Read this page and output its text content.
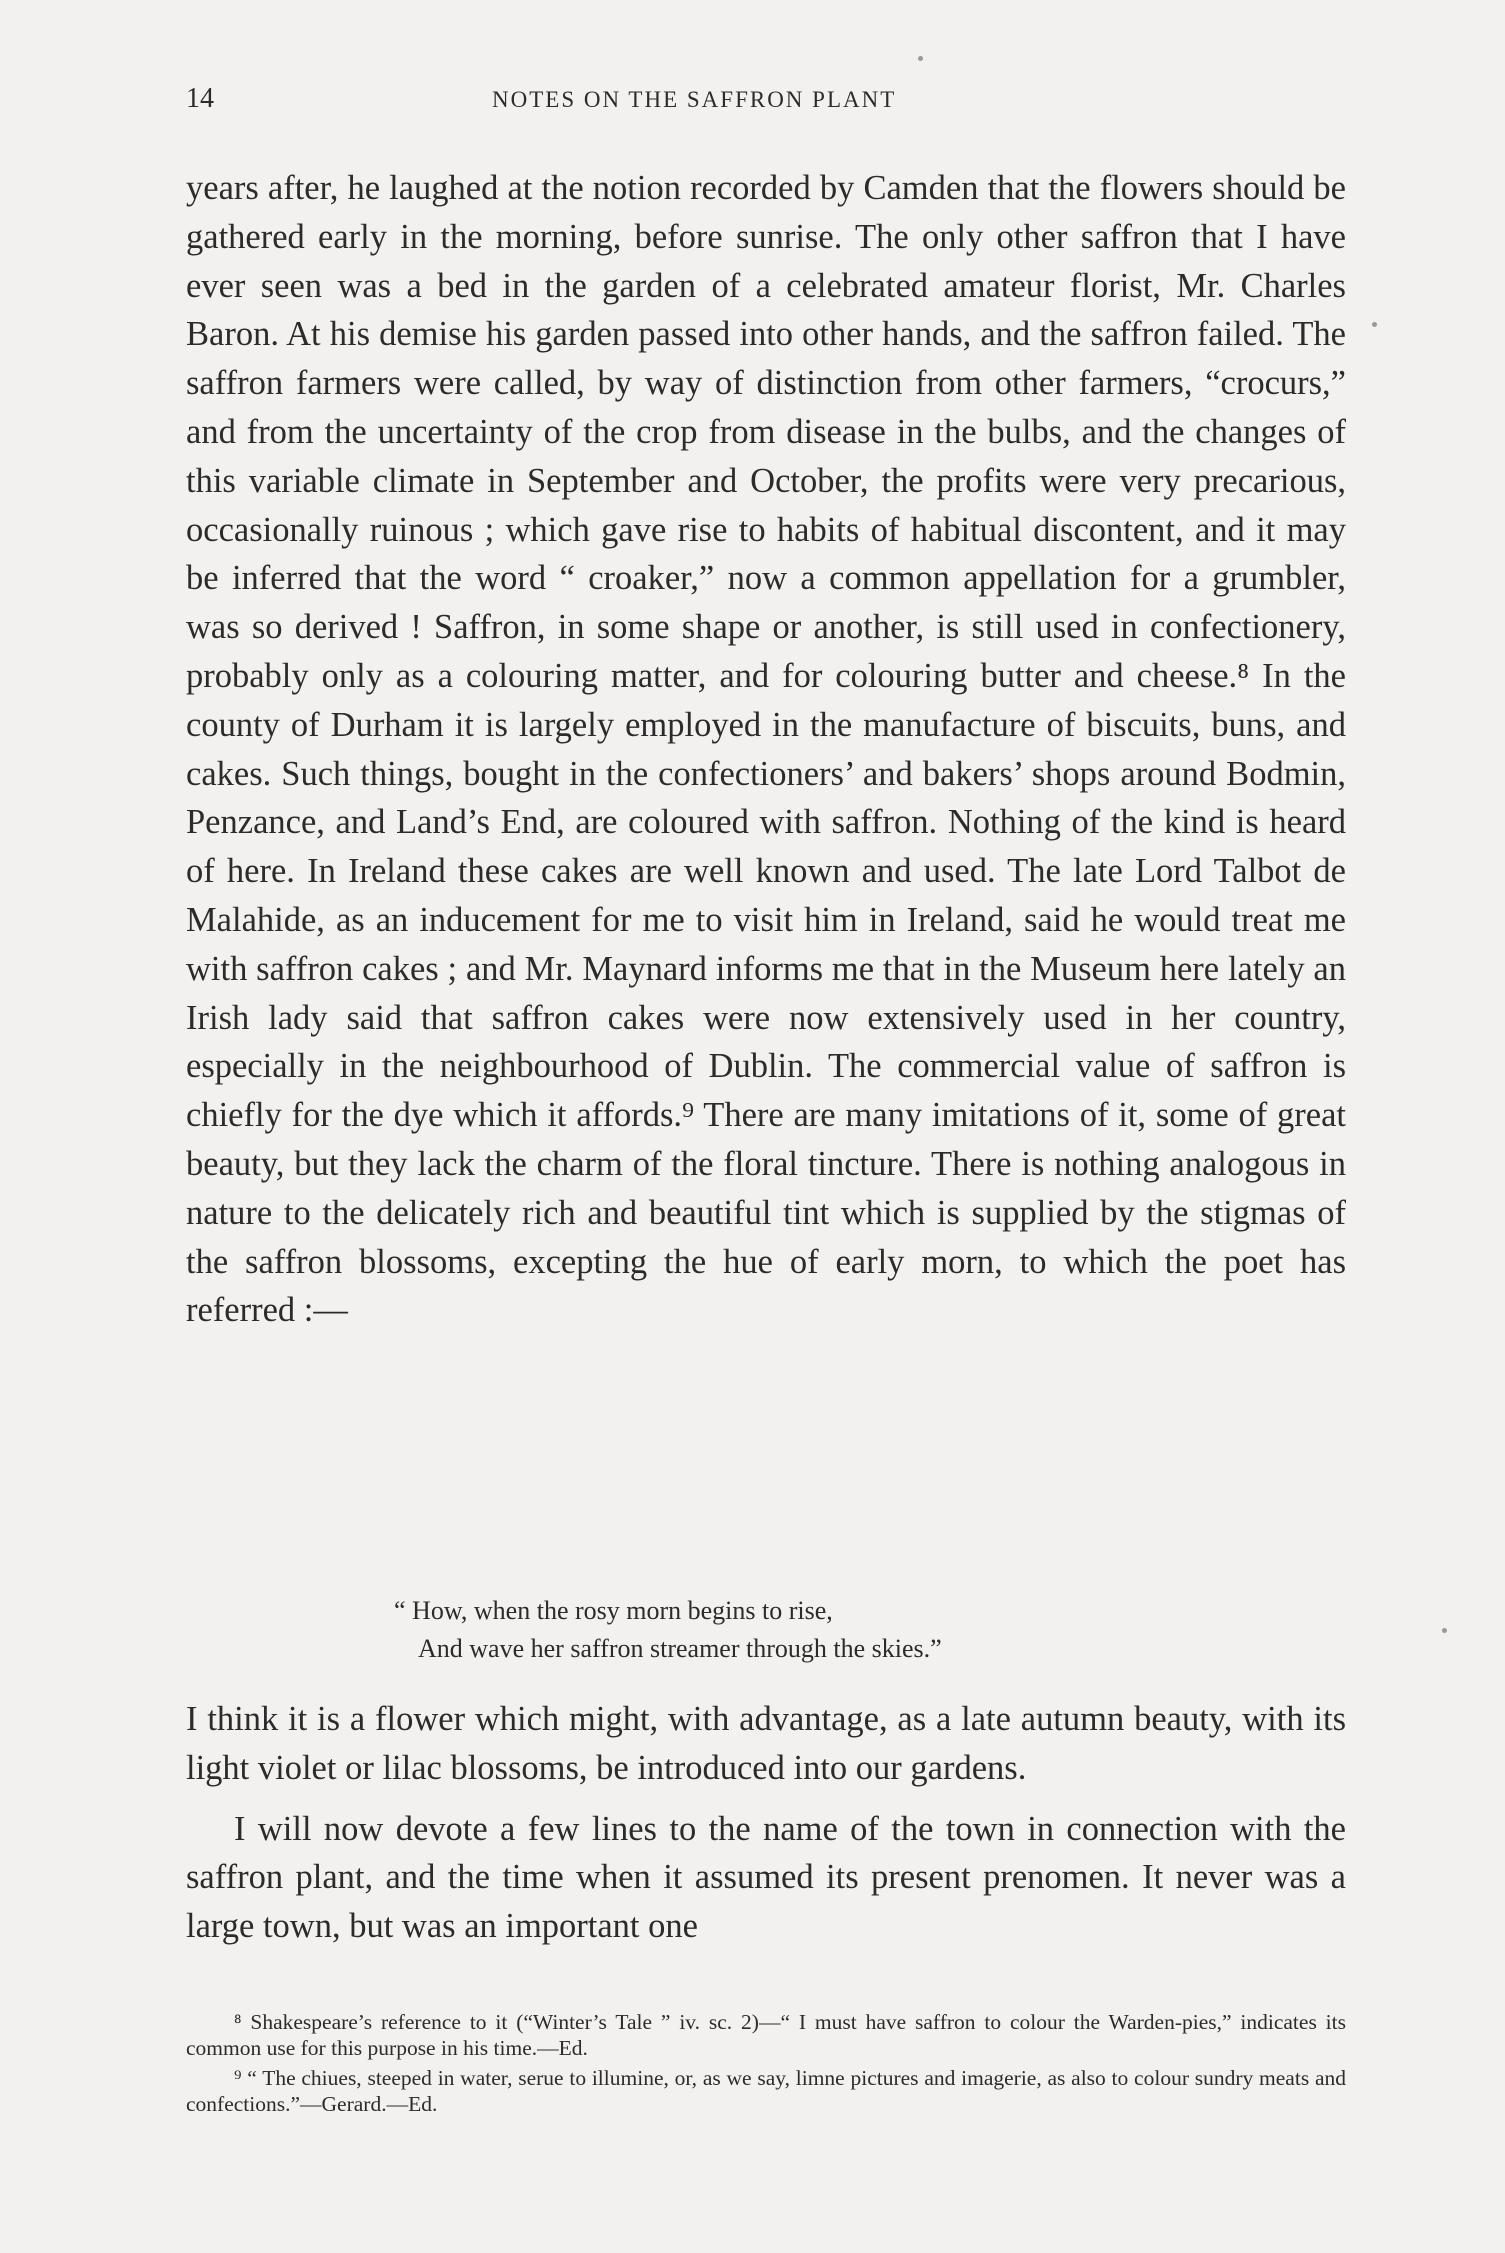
14	NOTES ON THE SAFFRON PLANT

years after, he laughed at the notion recorded by Camden that the flowers should be gathered early in the morning, before sunrise. The only other saffron that I have ever seen was a bed in the garden of a celebrated amateur florist, Mr. Charles Baron. At his demise his garden passed into other hands, and the saffron failed. The saffron farmers were called, by way of distinction from other farmers, “crocurs,” and from the uncertainty of the crop from disease in the bulbs, and the changes of this variable climate in September and October, the profits were very precarious, occasionally ruinous ; which gave rise to habits of habitual discontent, and it may be inferred that the word “ croaker,” now a common appellation for a grumbler, was so derived ! Saffron, in some shape or another, is still used in confectionery, probably only as a colouring matter, and for colouring butter and cheese.⁸ In the county of Durham it is largely employed in the manufacture of biscuits, buns, and cakes. Such things, bought in the confectioners’ and bakers’ shops around Bodmin, Penzance, and Land’s End, are coloured with saffron. Nothing of the kind is heard of here. In Ireland these cakes are well known and used. The late Lord Talbot de Malahide, as an inducement for me to visit him in Ireland, said he would treat me with saffron cakes ; and Mr. Maynard informs me that in the Museum here lately an Irish lady said that saffron cakes were now extensively used in her country, especially in the neighbourhood of Dublin. The commercial value of saffron is chiefly for the dye which it affords.⁹ There are many imitations of it, some of great beauty, but they lack the charm of the floral tincture. There is nothing analogous in nature to the delicately rich and beautiful tint which is supplied by the stigmas of the saffron blossoms, excepting the hue of early morn, to which the poet has referred :—

“ How, when the rosy morn begins to rise,
And wave her saffron streamer through the skies.”

I think it is a flower which might, with advantage, as a late autumn beauty, with its light violet or lilac blossoms, be introduced into our gardens.

I will now devote a few lines to the name of the town in connection with the saffron plant, and the time when it assumed its present prenomen. It never was a large town, but was an important one

⁸ Shakespeare’s reference to it (“Winter’s Tale ” iv. sc. 2)—“ I must have saffron to colour the Warden-pies,” indicates its common use for this purpose in his time.—Ed.

⁹ “ The chiues, steeped in water, serue to illumine, or, as we say, limne pictures and imagerie, as also to colour sundry meats and confections.”—Gerard.—Ed.
